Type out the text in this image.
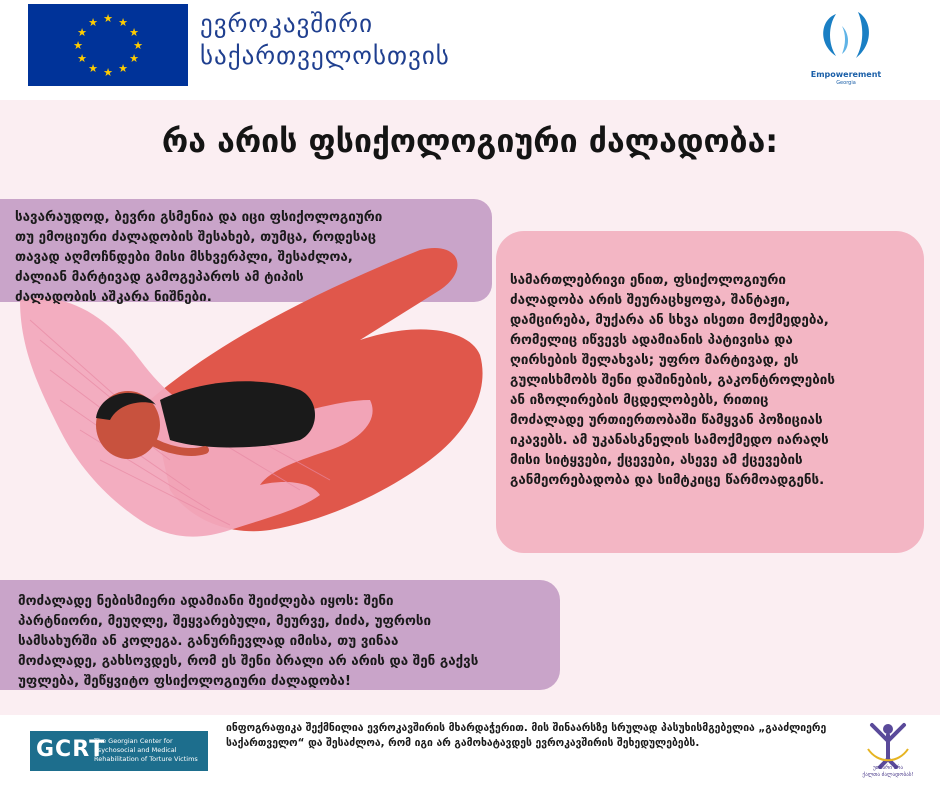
★ ★
★
★
★
★
★
★
★
★
★
★	ევროკავშირი
საქართველოსთვის
Empowerement
Georgia
რა არის ფსიქოლოგიური ძალადობა:
სავარაუდოდ, ბევრი გსმენია და იცი ფსიქოლოგიური
თუ ემოციური ძალადობის შესახებ, თუმცა, როდესაც
თავად აღმოჩნდები მისი მსხვერპლი, შესაძლოა,
ძალიან მარტივად გამოგეპაროს ამ ტიპის
ძალადობის აშკარა ნიშნები.
სამართლებრივი ენით, ფსიქოლოგიური
ძალადობა არის შეურაცხყოფა, შანტაჟი,
დამცირება, მუქარა ან სხვა ისეთი მოქმედება,
რომელიც იწვევს ადამიანის პატივისა და
ღირსების შელახვას; უფრო მარტივად, ეს
გულისხმობს შენი დაშინების, გაკონტროლების
ან იზოლირების მცდელობებს, რითიც
მოძალადე ურთიერთობაში წამყვან პოზიციას
იკავებს. ამ უკანასკნელის სამოქმედო იარაღს
მისი სიტყვები, ქცევები, ასევე ამ ქცევების
განმეორებადობა და სიმტკიცე წარმოადგენს.
მოძალადე ნებისმიერი ადამიანი შეიძლება იყოს: შენი
პარტნიორი, მეუღლე, შეყვარებული, მეურვე, ძიძა, უფროსი
სამსახურში ან კოლეგა. განურჩევლად იმისა, თუ ვინაა
მოძალადე, გახსოვდეს, რომ ეს შენი ბრალი არ არის და შენ გაქვს
უფლება, შეწყვიტო ფსიქოლოგიური ძალადობა!
GCRT
The Georgian Center for Psychosocial and Medical Rehabilitation of Torture Victims
ინფოგრაფიკა შექმნილია ევროკავშირის მხარდაჭერით. მის შინაარსზე სრულად პასუხისმგებელია „გააძლიერე საქართველო“ და შესაძლოა, რომ იგი არ გამოხატავდეს ევროკავშირის შეხედულებებს.
უთხარი არა
ქალთა ძალადობას!
